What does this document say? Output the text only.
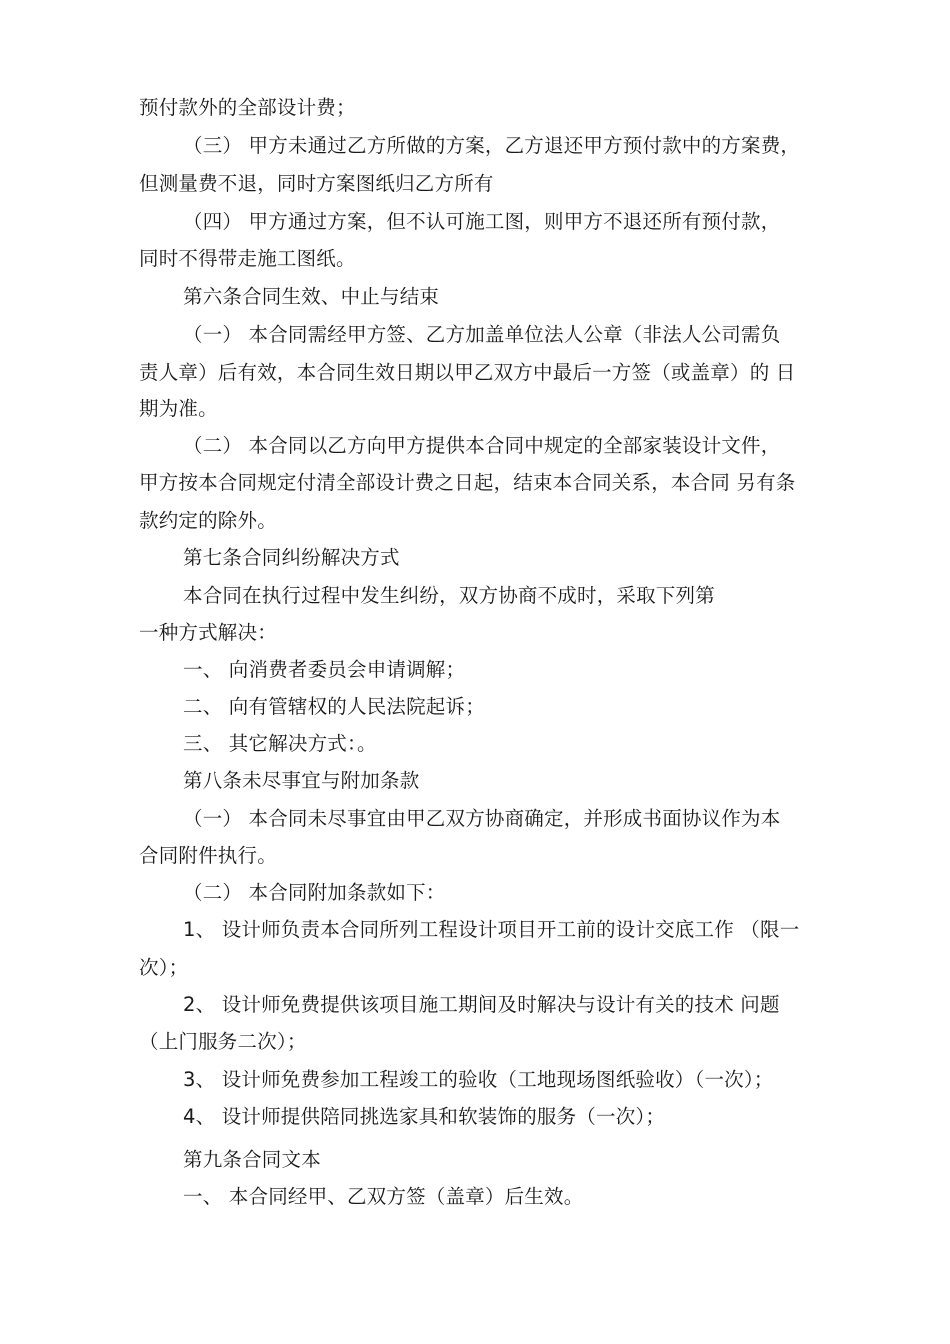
预付款外的全部设计费；
（三） 甲方未通过乙方所做的方案，乙方退还甲方预付款中的方案费，
但测量费不退，同时方案图纸归乙方所有
（四） 甲方通过方案，但不认可施工图，则甲方不退还所有预付款，
同时不得带走施工图纸。
第六条合同生效、中止与结束
（一） 本合同需经甲方签、乙方加盖单位法人公章（非法人公司需负
责人章）后有效，本合同生效日期以甲乙双方中最后一方签（或盖章）的 日
期为准。
（二） 本合同以乙方向甲方提供本合同中规定的全部家装设计文件，
甲方按本合同规定付清全部设计费之日起，结束本合同关系，本合同 另有条
款约定的除外。
第七条合同纠纷解决方式
本合同在执行过程中发生纠纷，双方协商不成时，采取下列第
一种方式解决：
一、 向消费者委员会申请调解；
二、 向有管辖权的人民法院起诉；
三、 其它解决方式：。
第八条未尽事宜与附加条款
（一） 本合同未尽事宜由甲乙双方协商确定，并形成书面协议作为本
合同附件执行。
（二） 本合同附加条款如下：
1、 设计师负责本合同所列工程设计项目开工前的设计交底工作 （限一
次）；
2、 设计师免费提供该项目施工期间及时解决与设计有关的技术 问题
（上门服务二次）；
3、 设计师免费参加工程竣工的验收（工地现场图纸验收）（一次）；
4、 设计师提供陪同挑选家具和软装饰的服务（一次）；
第九条合同文本
一、 本合同经甲、乙双方签（盖章）后生效。
